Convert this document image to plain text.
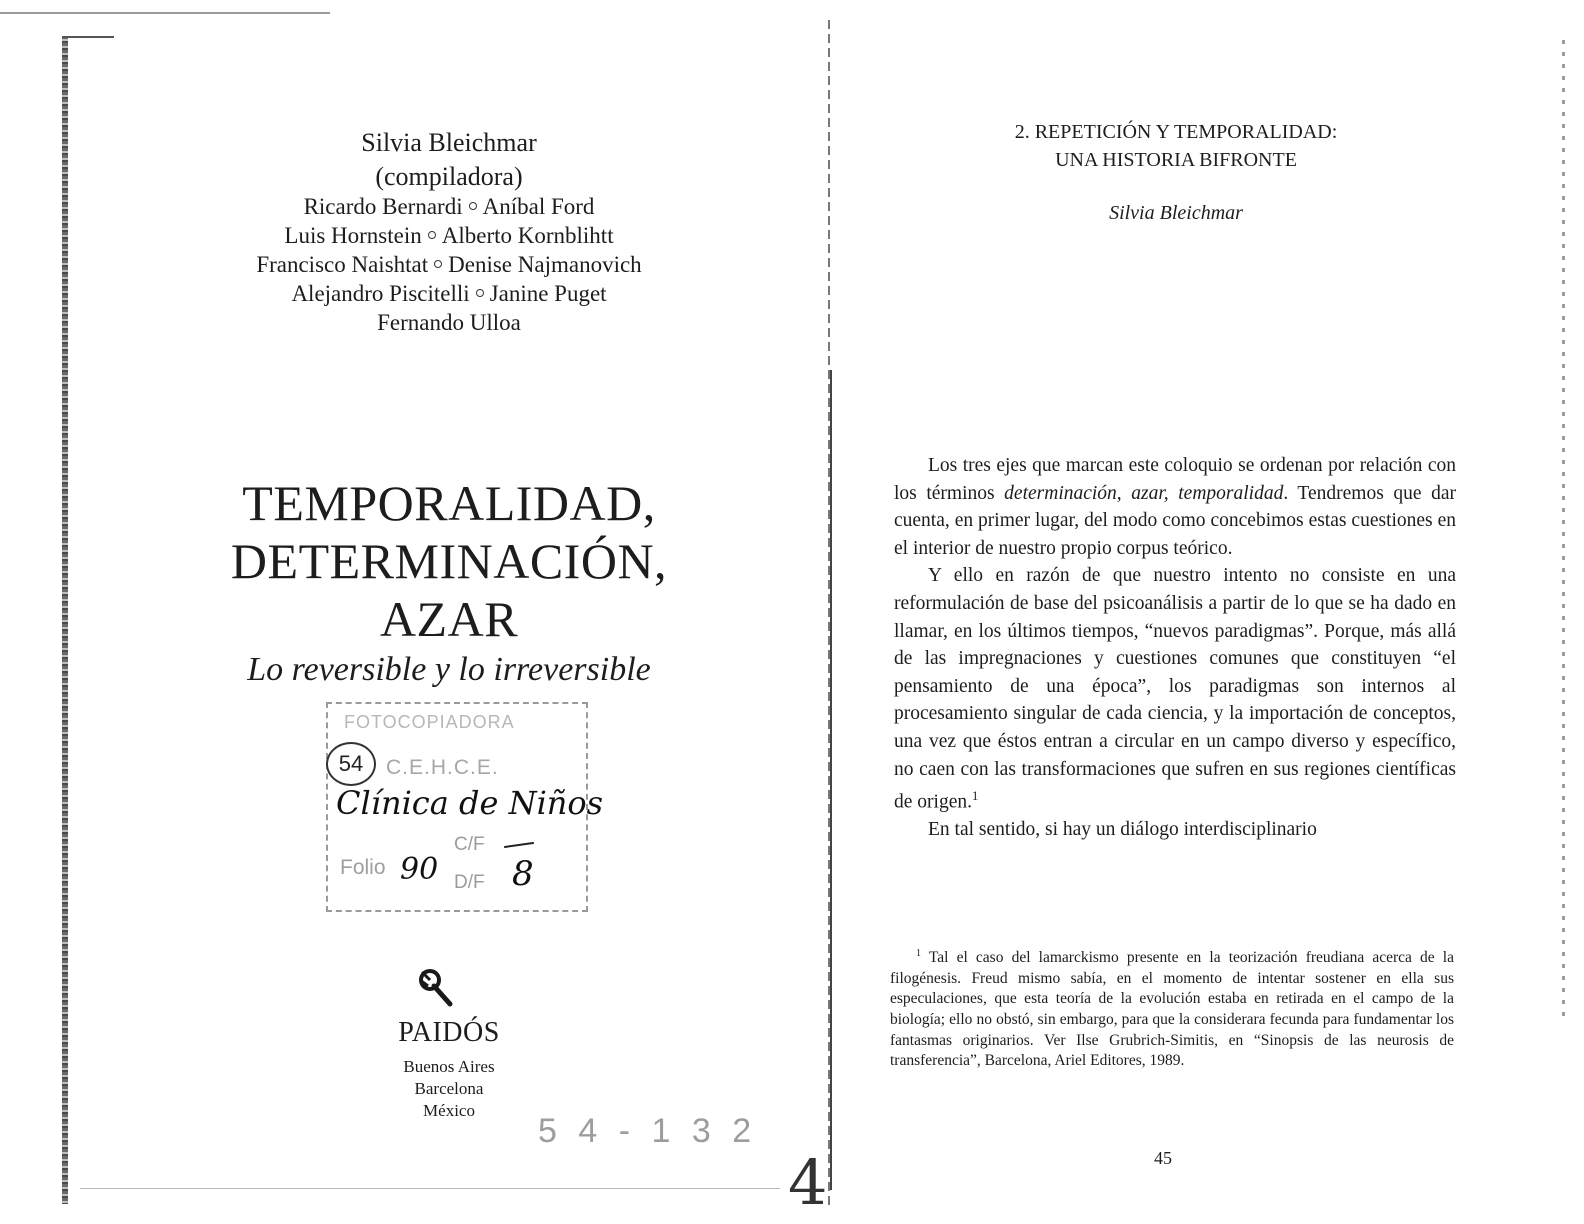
Silvia Bleichmar
(compiladora)
Ricardo Bernardi Aníbal Ford
Luis Hornstein Alberto Kornblihtt
Francisco Naishtat Denise Najmanovich
Alejandro Piscitelli Janine Puget
Fernando Ulloa
TEMPORALIDAD,
DETERMINACIÓN,
AZAR
Lo reversible y lo irreversible
FOTOCOPIADORA
54	C.E.H.C.E.
Clínica de Niños
C/F
Folio 90 D/F 8
PAIDÓS
Buenos Aires
Barcelona
México
5 4 - 1 3 2
4
2. REPETICIÓN Y TEMPORALIDAD:
UNA HISTORIA BIFRONTE
Silvia Bleichmar

Los tres ejes que marcan este coloquio se ordenan por relación con los términos determinación, azar, temporalidad. Tendremos que dar cuenta, en primer lugar, del modo como concebimos estas cuestiones en el interior de nuestro propio corpus teórico.

Y ello en razón de que nuestro intento no consiste en una reformulación de base del psicoanálisis a partir de lo que se ha dado en llamar, en los últimos tiempos, “nuevos paradigmas”. Porque, más allá de las impregnaciones y cuestiones comunes que constituyen “el pensamiento de una época”, los paradigmas son internos al procesamiento singular de cada ciencia, y la importación de conceptos, una vez que éstos entran a circular en un campo diverso y específico, no caen con las transformaciones que sufren en sus regiones científicas de origen.$^1$

En tal sentido, si hay un diálogo interdisciplinario

$^1$ Tal el caso del lamarckismo presente en la teorización freudiana acerca de la filogénesis. Freud mismo sabía, en el momento de intentar sostener en ella sus especulaciones, que esta teoría de la evolución estaba en retirada en el campo de la biología; ello no obstó, sin embargo, para que la considerara fecunda para fundamentar los fantasmas originarios. Ver Ilse Grubrich-Simitis, en “Sinopsis de las neurosis de transferencia”, Barcelona, Ariel Editores, 1989.
45
